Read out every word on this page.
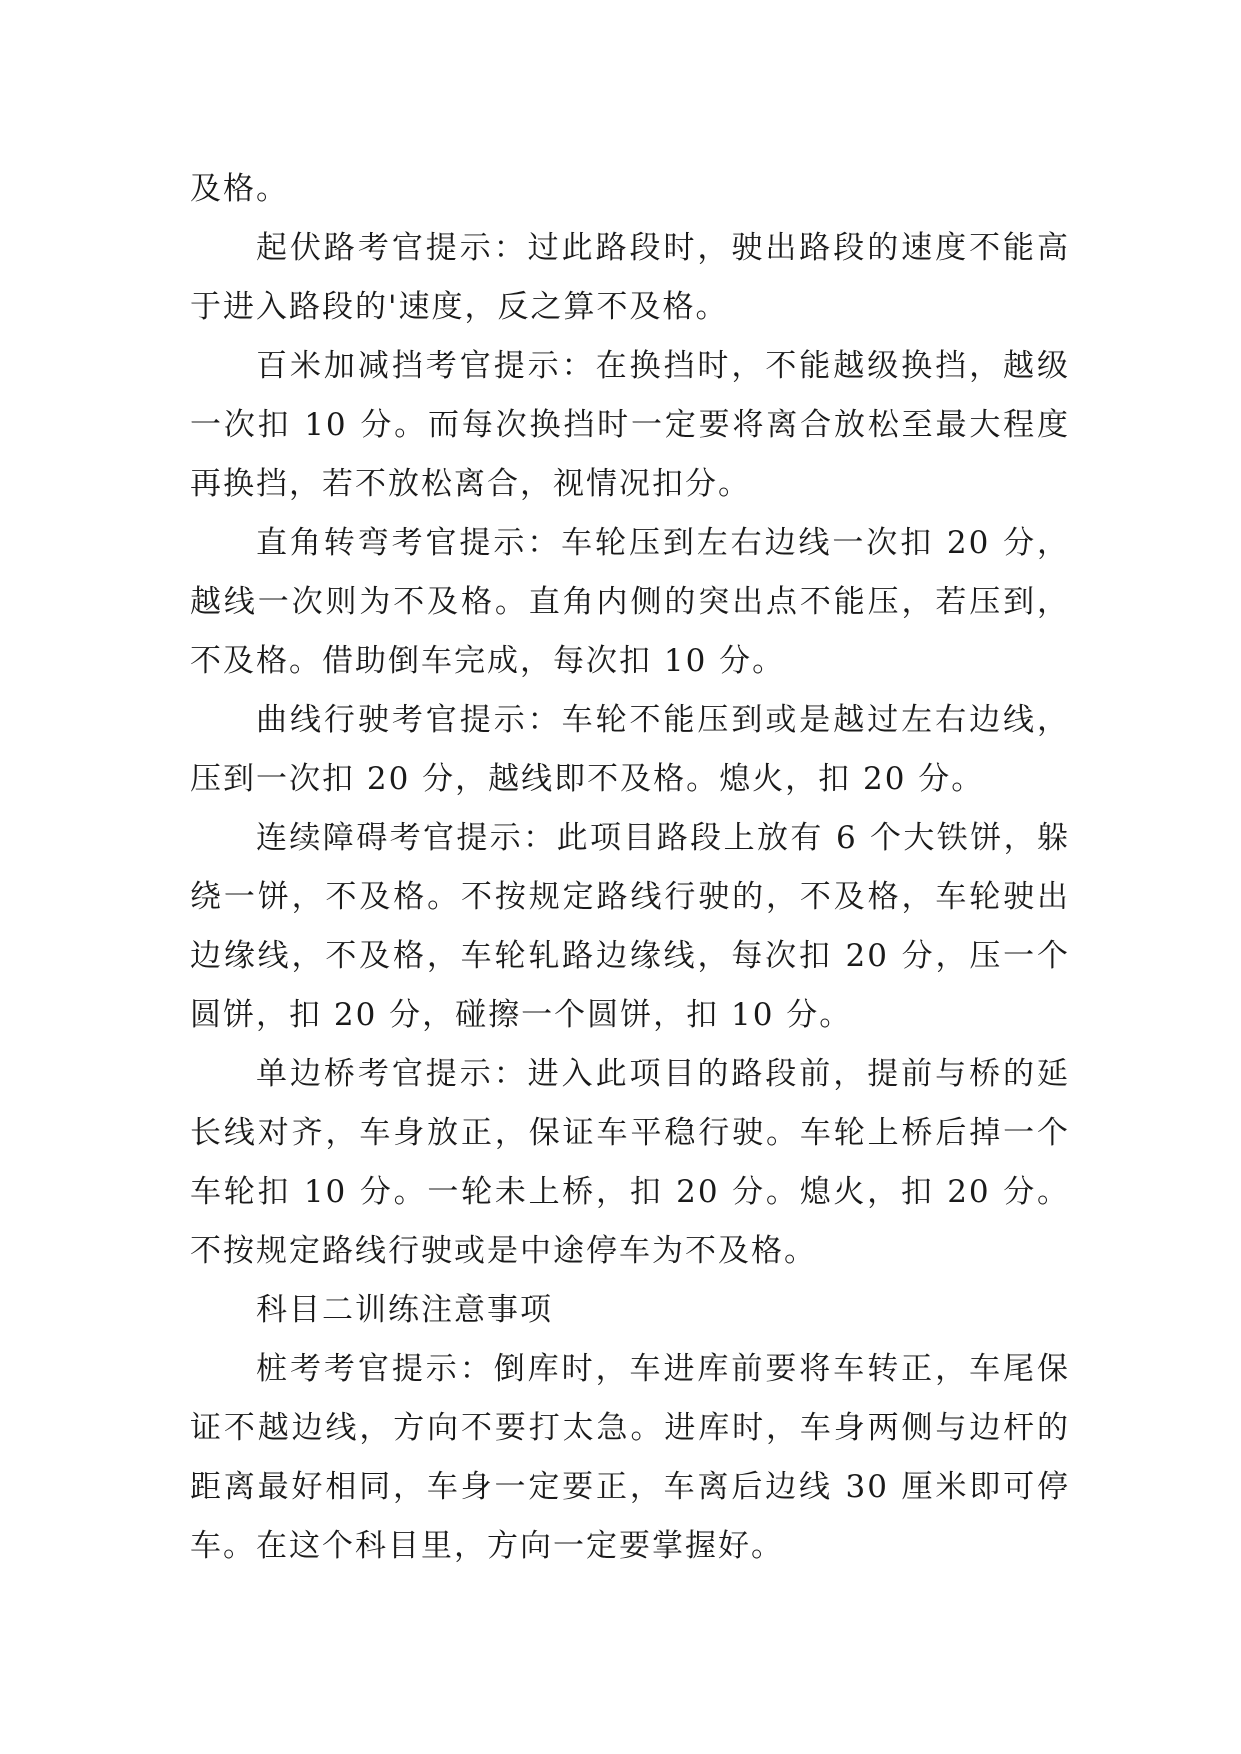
及格。

起伏路考官提示：过此路段时，驶出路段的速度不能高于进入路段的'速度，反之算不及格。

百米加减挡考官提示：在换挡时，不能越级换挡，越级一次扣 10 分。而每次换挡时一定要将离合放松至最大程度再换挡，若不放松离合，视情况扣分。

直角转弯考官提示：车轮压到左右边线一次扣 20 分，越线一次则为不及格。直角内侧的突出点不能压，若压到，不及格。借助倒车完成，每次扣 10 分。

曲线行驶考官提示：车轮不能压到或是越过左右边线，压到一次扣 20 分，越线即不及格。熄火，扣 20 分。

连续障碍考官提示：此项目路段上放有 6 个大铁饼，躲绕一饼，不及格。不按规定路线行驶的，不及格，车轮驶出边缘线，不及格，车轮轧路边缘线，每次扣 20 分，压一个圆饼，扣 20 分，碰擦一个圆饼，扣 10 分。

单边桥考官提示：进入此项目的路段前，提前与桥的延长线对齐，车身放正，保证车平稳行驶。车轮上桥后掉一个车轮扣 10 分。一轮未上桥，扣 20 分。熄火，扣 20 分。不按规定路线行驶或是中途停车为不及格。

科目二训练注意事项

桩考考官提示：倒库时，车进库前要将车转正，车尾保证不越边线，方向不要打太急。进库时，车身两侧与边杆的距离最好相同，车身一定要正，车离后边线 30 厘米即可停车。在这个科目里，方向一定要掌握好。
